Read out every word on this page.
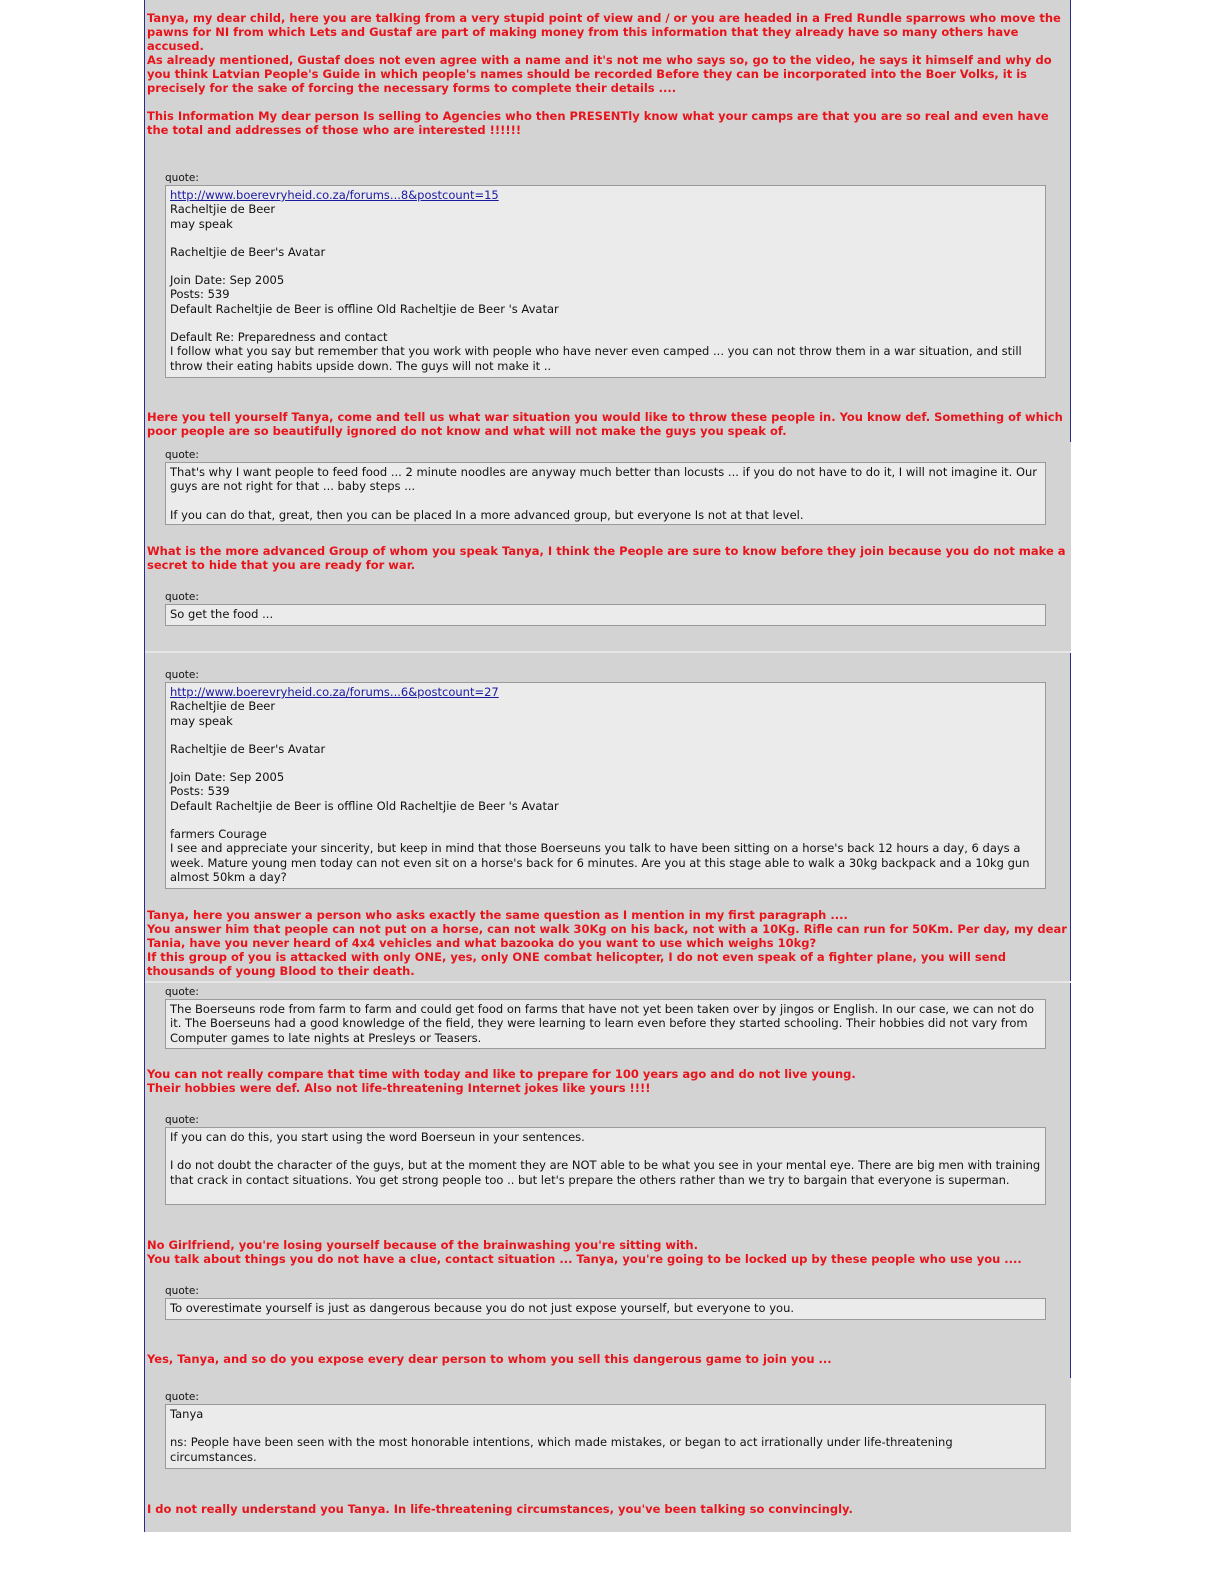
Tanya, my dear child, here you are talking from a very stupid point of view and / or you are headed in a Fred Rundle sparrows who move the pawns for NI from which Lets and Gustaf are part of making money from this information that they already have so many others have accused.

As already mentioned, Gustaf does not even agree with a name and it's not me who says so, go to the video, he says it himself and why do you think Latvian People's Guide in which people's names should be recorded Before they can be incorporated into the Boer Volks, it is precisely for the sake of forcing the necessary forms to complete their details ....

This Information My dear person Is selling to Agencies who then PRESENTly know what your camps are that you are so real and even have the total and addresses of those who are interested !!!!!!

quote:

http://www.boerevryheid.co.za/forums...8&postcount=15

Racheltjie de Beer

may speak

Racheltjie de Beer's Avatar

Join Date: Sep 2005

Posts: 539

Default Racheltjie de Beer is offline Old Racheltjie de Beer 's Avatar

Default Re: Preparedness and contact

I follow what you say but remember that you work with people who have never even camped ... you can not throw them in a war situation, and still throw their eating habits upside down. The guys will not make it ..

Here you tell yourself Tanya, come and tell us what war situation you would like to throw these people in. You know def. Something of which poor people are so beautifully ignored do not know and what will not make the guys you speak of.

quote:

That's why I want people to feed food ... 2 minute noodles are anyway much better than locusts ... if you do not have to do it, I will not imagine it. Our guys are not right for that ... baby steps ...

If you can do that, great, then you can be placed In a more advanced group, but everyone Is not at that level.

What is the more advanced Group of whom you speak Tanya, I think the People are sure to know before they join because you do not make a secret to hide that you are ready for war.

quote:

So get the food ...

quote:

http://www.boerevryheid.co.za/forums...6&postcount=27

Racheltjie de Beer

may speak

Racheltjie de Beer's Avatar

Join Date: Sep 2005

Posts: 539

Default Racheltjie de Beer is offline Old Racheltjie de Beer 's Avatar

farmers Courage

I see and appreciate your sincerity, but keep in mind that those Boerseuns you talk to have been sitting on a horse's back 12 hours a day, 6 days a week. Mature young men today can not even sit on a horse's back for 6 minutes. Are you at this stage able to walk a 30kg backpack and a 10kg gun almost 50km a day?

Tanya, here you answer a person who asks exactly the same question as I mention in my first paragraph ....

You answer him that people can not put on a horse, can not walk 30Kg on his back, not with a 10Kg. Rifle can run for 50Km. Per day, my dear Tania, have you never heard of 4x4 vehicles and what bazooka do you want to use which weighs 10kg?

If this group of you is attacked with only ONE, yes, only ONE combat helicopter, I do not even speak of a fighter plane, you will send thousands of young Blood to their death.

quote:

The Boerseuns rode from farm to farm and could get food on farms that have not yet been taken over by jingos or English. In our case, we can not do it. The Boerseuns had a good knowledge of the field, they were learning to learn even before they started schooling. Their hobbies did not vary from Computer games to late nights at Presleys or Teasers.

You can not really compare that time with today and like to prepare for 100 years ago and do not live young.

Their hobbies were def. Also not life-threatening Internet jokes like yours !!!!

quote:

If you can do this, you start using the word Boerseun in your sentences.

I do not doubt the character of the guys, but at the moment they are NOT able to be what you see in your mental eye. There are big men with training that crack in contact situations. You get strong people too .. but let's prepare the others rather than we try to bargain that everyone is superman.

No Girlfriend, you're losing yourself because of the brainwashing you're sitting with.

You talk about things you do not have a clue, contact situation ... Tanya, you're going to be locked up by these people who use you ....

quote:

To overestimate yourself is just as dangerous because you do not just expose yourself, but everyone to you.

Yes, Tanya, and so do you expose every dear person to whom you sell this dangerous game to join you ...

quote:

Tanya

ns: People have been seen with the most honorable intentions, which made mistakes, or began to act irrationally under life-threatening circumstances.

I do not really understand you Tanya. In life-threatening circumstances, you've been talking so convincingly.
